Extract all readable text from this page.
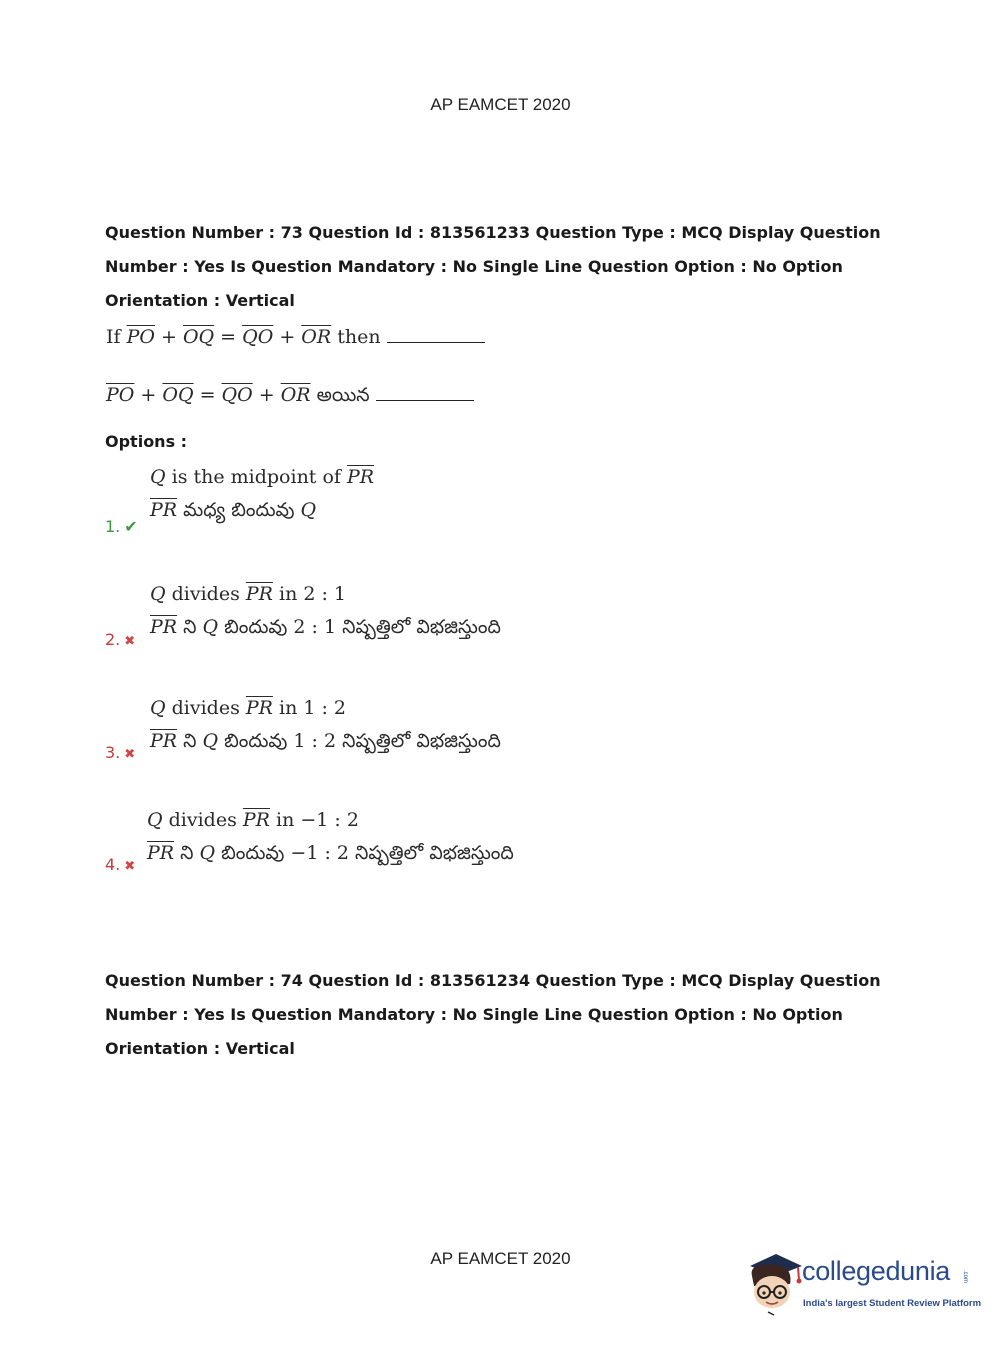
AP EAMCET 2020
Question Number : 73 Question Id : 813561233 Question Type : MCQ Display Question
Number : Yes Is Question Mandatory : No Single Line Question Option : No Option
Orientation : Vertical
If $\overline{PO} + \overline{OQ} = \overline{QO} + \overline{OR}$ then
$\overline{PO} + \overline{OQ} = \overline{QO} + \overline{OR}$ అయిన
Options :
Q is the midpoint of $\overline{PR}$
$\overline{PR}$ మధ్య బిందువు Q
1. ✔
Q divides $\overline{PR}$ in 2 : 1
$\overline{PR}$ ని Q బిందువు 2 : 1 నిష్పత్తిలో విభజిస్తుంది
2. ✖
Q divides $\overline{PR}$ in 1 : 2
$\overline{PR}$ ని Q బిందువు 1 : 2 నిష్పత్తిలో విభజిస్తుంది
3. ✖
Q divides $\overline{PR}$ in −1 : 2
$\overline{PR}$ ని Q బిందువు −1 : 2 నిష్పత్తిలో విభజిస్తుంది
4. ✖
Question Number : 74 Question Id : 813561234 Question Type : MCQ Display Question
Number : Yes Is Question Mandatory : No Single Line Question Option : No Option
Orientation : Vertical
AP EAMCET 2020	collegedunia .com
India's largest Student Review Platform
